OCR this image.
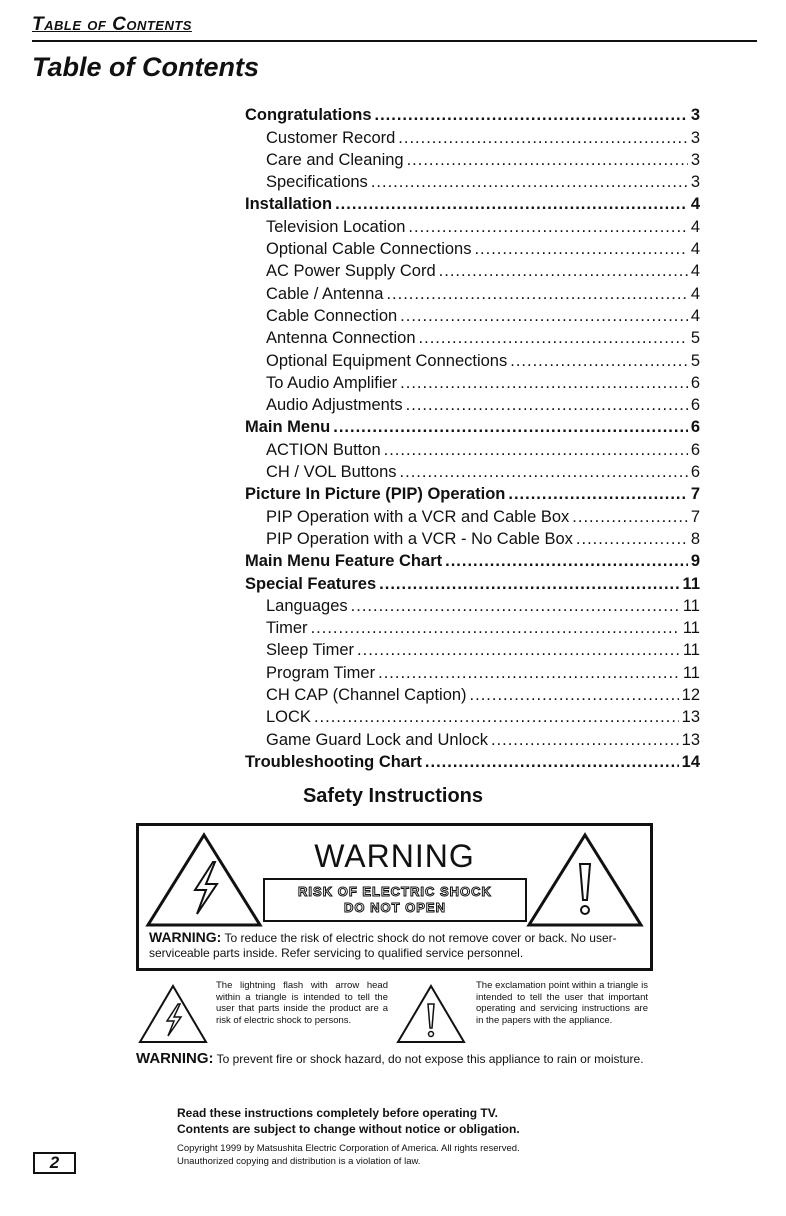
Table of Contents
Table of Contents
Congratulations .....	3
Customer Record .....	3
Care and Cleaning .....	3
Specifications .....	3
Installation .....	4
Television Location .....	4
Optional Cable Connections .....	4
AC Power Supply Cord .....	4
Cable / Antenna .....	4
Cable Connection .....	4
Antenna Connection .....	5
Optional Equipment Connections .....	5
To Audio Amplifier .....	6
Audio Adjustments .....	6
Main Menu .....	6
ACTION Button .....	6
CH / VOL Buttons .....	6
Picture In Picture (PIP) Operation .....	7
PIP Operation with a VCR and Cable Box .....	7
PIP Operation with a VCR - No Cable Box .....	8
Main Menu Feature Chart .....	9
Special Features .....	11
Languages .....	11
Timer .....	11
Sleep Timer .....	11
Program Timer .....	11
CH CAP (Channel Caption) .....	12
LOCK .....	13
Game Guard Lock and Unlock .....	13
Troubleshooting Chart .....	14
Safety Instructions
WARNING
RISK OF ELECTRIC SHOCK
DO NOT OPEN
WARNING: To reduce the risk of electric shock do not remove cover or back. No user-serviceable parts inside. Refer servicing to qualified service personnel.
The lightning flash with arrow head within a triangle is intended to tell the user that parts inside the product are a risk of electric shock to persons.
The exclamation point within a triangle is intended to tell the user that important operating and servicing instructions are in the papers with the appliance.
WARNING: To prevent fire or shock hazard, do not expose this appliance to rain or moisture.
Read these instructions completely before operating TV.
Contents are subject to change without notice or obligation.
Copyright 1999 by Matsushita Electric Corporation of America. All rights reserved.
Unauthorized copying and distribution is a violation of law.
2
